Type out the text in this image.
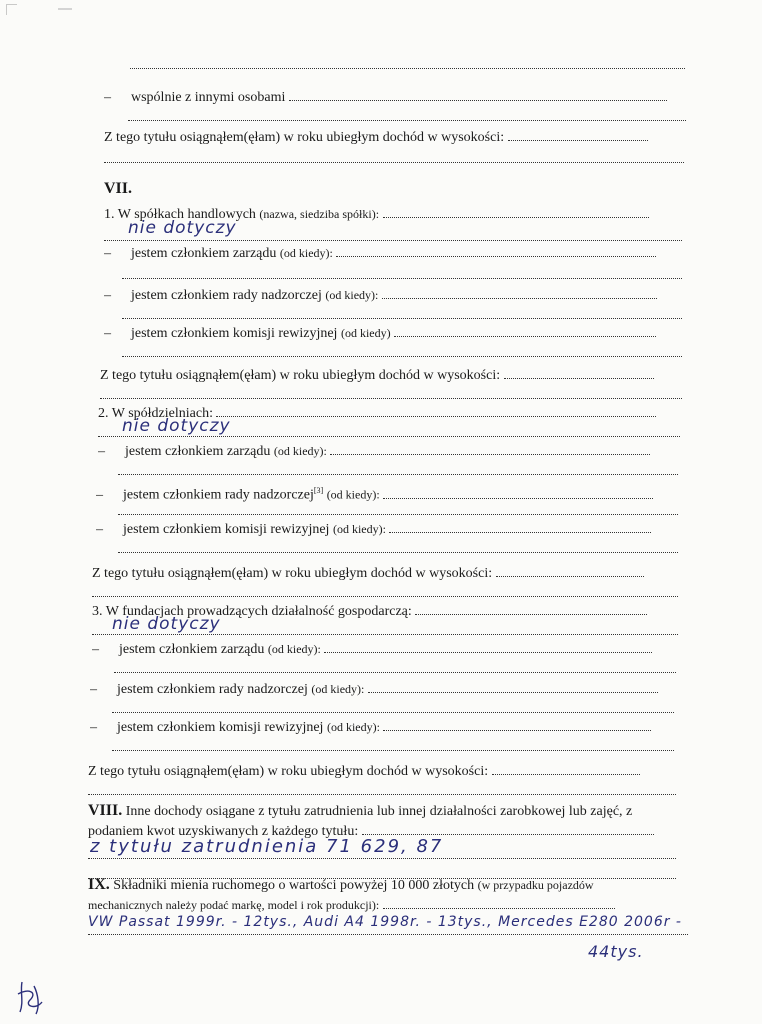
– wspólnie z innymi osobami
Z tego tytułu osiągnąłem(ęłam) w roku ubiegłym dochód w wysokości:
VII.
1. W spółkach handlowych (nazwa, siedziba spółki):
nie dotyczy
– jestem członkiem zarządu (od kiedy):
– jestem członkiem rady nadzorczej (od kiedy):
– jestem członkiem komisji rewizyjnej (od kiedy)
Z tego tytułu osiągnąłem(ęłam) w roku ubiegłym dochód w wysokości:
2. W spółdzielniach:
nie dotyczy
– jestem członkiem zarządu (od kiedy):
– jestem członkiem rady nadzorczej[3] (od kiedy):
– jestem członkiem komisji rewizyjnej (od kiedy):
Z tego tytułu osiągnąłem(ęłam) w roku ubiegłym dochód w wysokości:
3. W fundacjach prowadzących działalność gospodarczą:
nie dotyczy
– jestem członkiem zarządu (od kiedy):
– jestem członkiem rady nadzorczej (od kiedy):
– jestem członkiem komisji rewizyjnej (od kiedy):
Z tego tytułu osiągnąłem(ęłam) w roku ubiegłym dochód w wysokości:
VIII. Inne dochody osiągane z tytułu zatrudnienia lub innej działalności zarobkowej lub zajęć, z
podaniem kwot uzyskiwanych z każdego tytułu:
z tytułu zatrudnienia 71 629, 87
IX. Składniki mienia ruchomego o wartości powyżej 10 000 złotych (w przypadku pojazdów
mechanicznych należy podać markę, model i rok produkcji):
VW Passat 1999r. - 12tys., Audi A4 1998r. - 13tys., Mercedes E280 2006r -
44tys.
